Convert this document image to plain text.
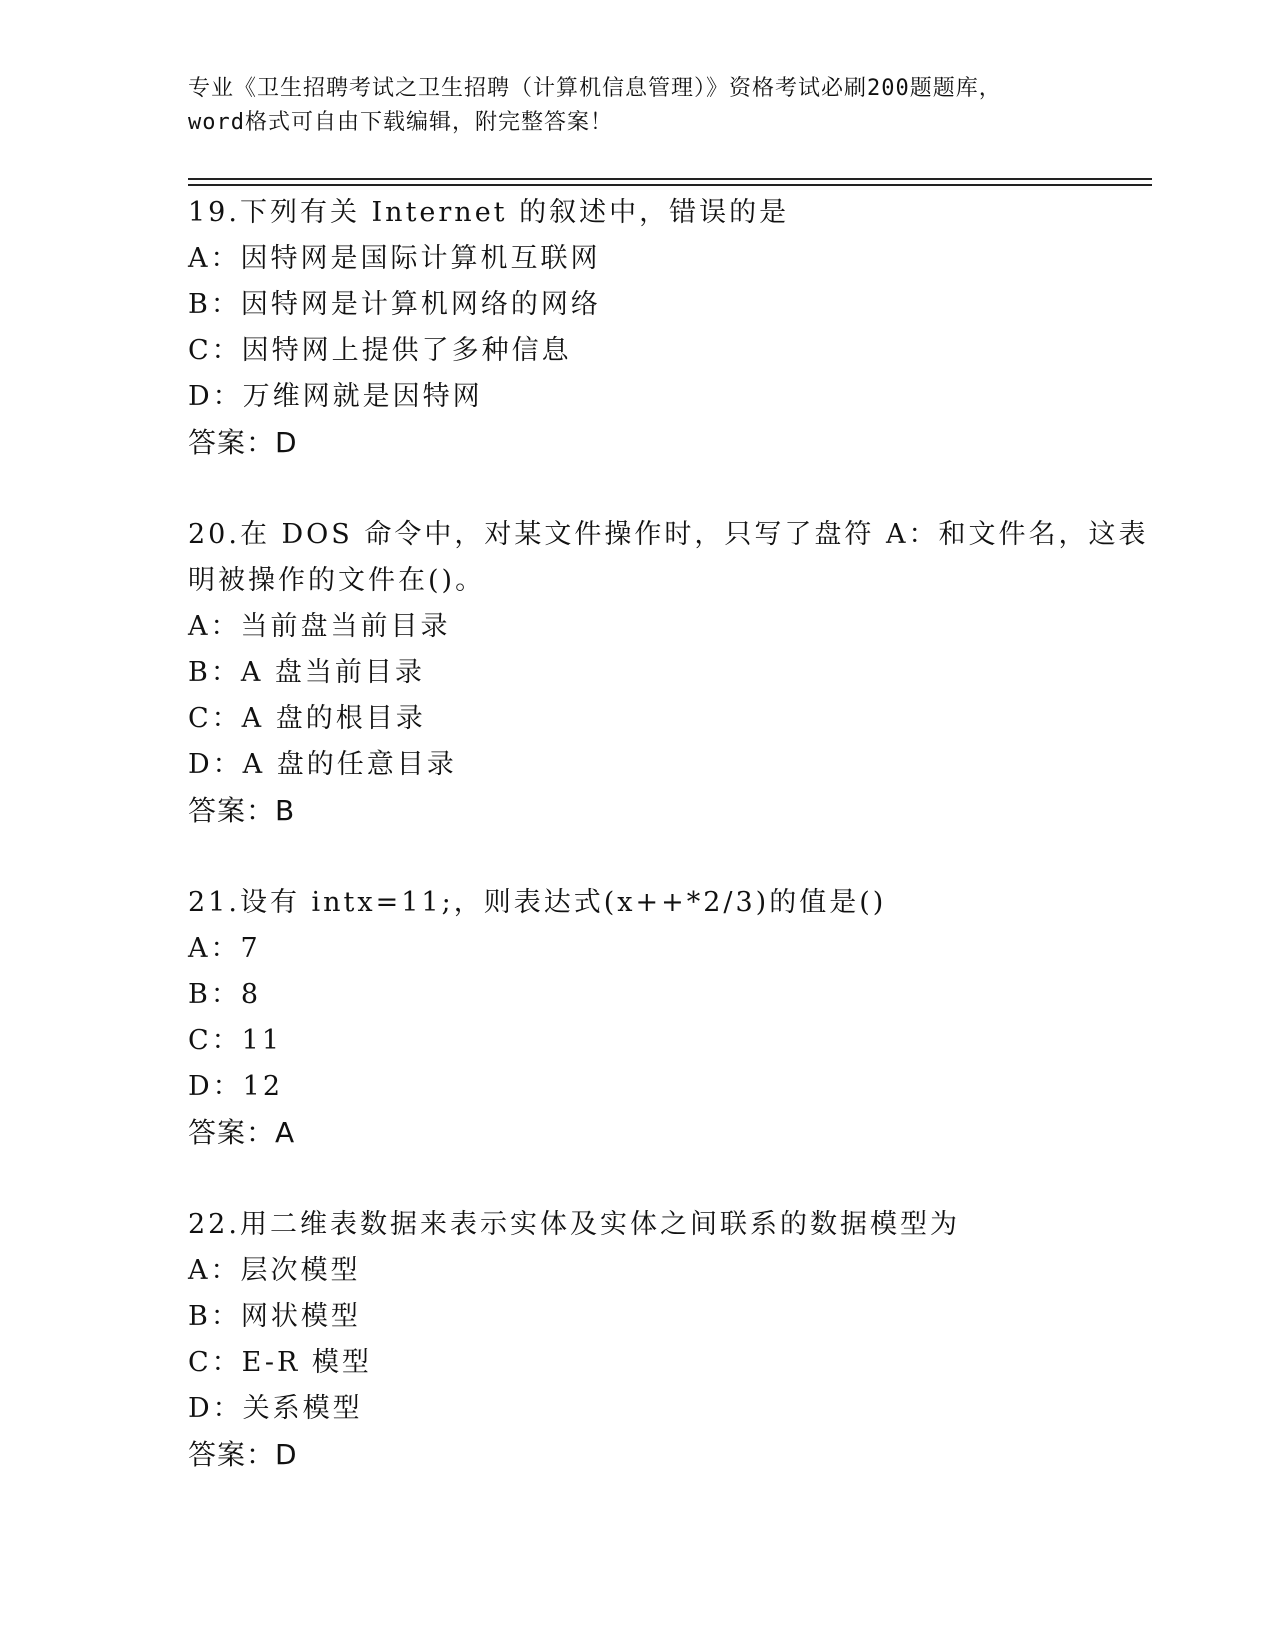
专业《卫生招聘考试之卫生招聘（计算机信息管理）》资格考试必刷200题题库，
word格式可自由下载编辑，附完整答案！
19.下列有关 Internet 的叙述中，错误的是
A：因特网是国际计算机互联网
B：因特网是计算机网络的网络
C：因特网上提供了多种信息
D：万维网就是因特网
答案：D
20.在 DOS 命令中，对某文件操作时，只写了盘符 A：和文件名，这表
明被操作的文件在()。
A：当前盘当前目录
B：A 盘当前目录
C：A 盘的根目录
D：A 盘的任意目录
答案：B
21.设有 intx=11;，则表达式(x++*2/3)的值是()
A：7
B：8
C：11
D：12
答案：A
22.用二维表数据来表示实体及实体之间联系的数据模型为
A：层次模型
B：网状模型
C：E-R 模型
D：关系模型
答案：D
